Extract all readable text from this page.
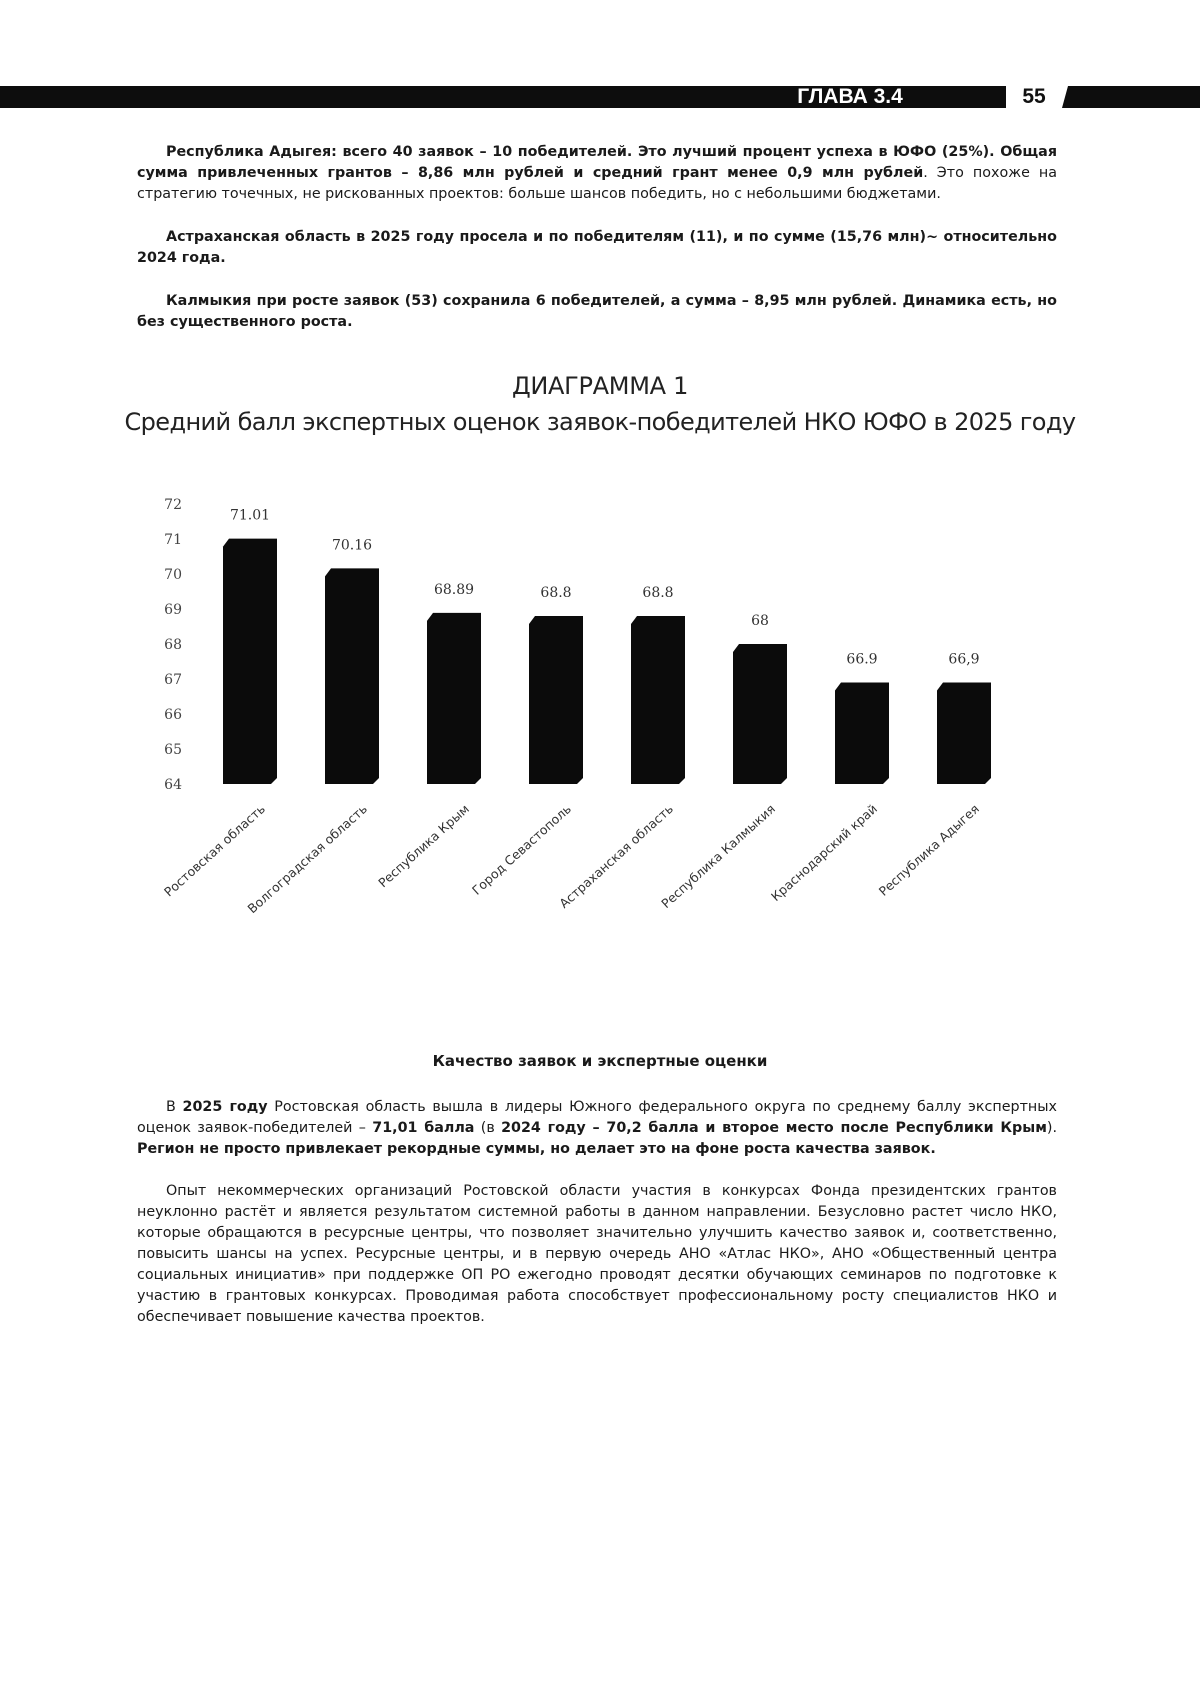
ГЛАВА 3.4	55

Республика Адыгея: всего 40 заявок – 10 победителей. Это лучший процент успеха в ЮФО (25%). Общая сумма привлеченных грантов – 8,86 млн рублей и средний грант менее 0,9 млн рублей. Это похоже на стратегию точечных, не рискованных проектов: больше шансов победить, но с небольшими бюджетами.

Астраханская область в 2025 году просела и по победителям (11), и по сумме (15,76 млн)~ относительно 2024 года.

Калмыкия при росте заявок (53) сохранила 6 победителей, а сумма – 8,95 млн рублей. Динамика есть, но без существенного роста.

ДИАГРАММА 1
Средний балл экспертных оценок заявок-победителей НКО ЮФО в 2025 году
64
65
66
67
68
69
70
71
72
71.01
Ростовская область
70.16
Волгоградская область
68.89
Республика Крым
68.8
Город Севастополь
68.8
Астраханская область
68
Республика Калмыкия
66.9
Краснодарский край
66,9
Республика Адыгея
Качество заявок и экспертные оценки

В 2025 году Ростовская область вышла в лидеры Южного федерального округа по среднему баллу экспертных оценок заявок-победителей – 71,01 балла (в 2024 году – 70,2 балла и второе место после Республики Крым). Регион не просто привлекает рекордные суммы, но делает это на фоне роста качества заявок.

Опыт некоммерческих организаций Ростовской области участия в конкурсах Фонда президентских грантов неуклонно растёт и является результатом системной работы в данном направлении. Безусловно растет число НКО, которые обращаются в ресурсные центры, что позволяет значительно улучшить качество заявок и, соответственно, повысить шансы на успех. Ресурсные центры, и в первую очередь АНО «Атлас НКО», АНО «Общественный центра социальных инициатив» при поддержке ОП РО ежегодно проводят десятки обучающих семинаров по подготовке к участию в грантовых конкурсах. Проводимая работа способствует профессиональному росту специалистов НКО и обеспечивает повышение качества проектов.
